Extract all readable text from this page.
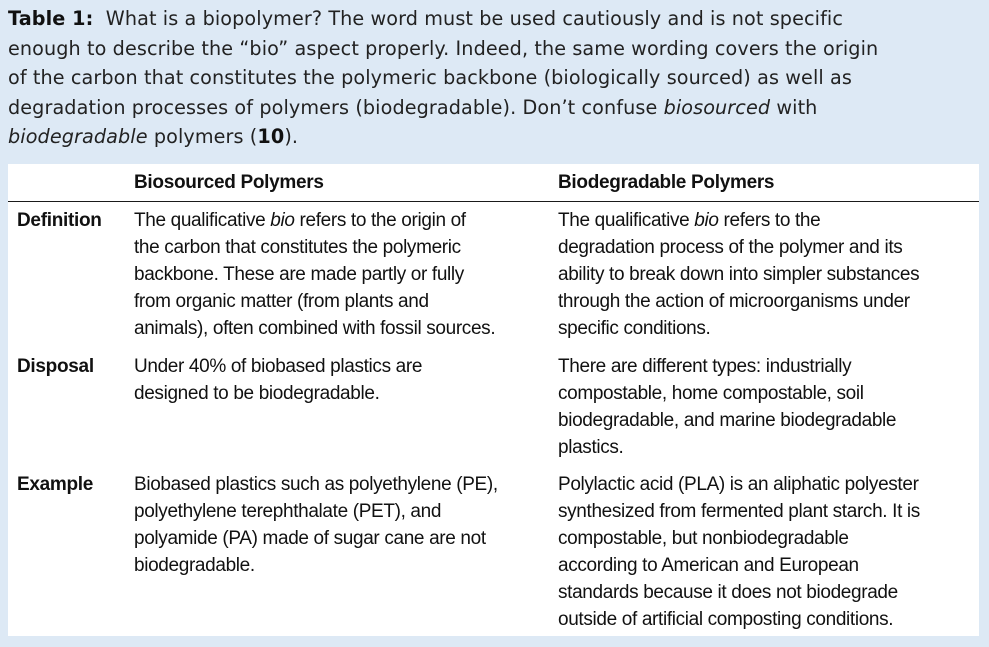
Table 1: What is a biopolymer? The word must be used cautiously and is not specific
enough to describe the “bio” aspect properly. Indeed, the same wording covers the origin
of the carbon that constitutes the polymeric backbone (biologically sourced) as well as
degradation processes of polymers (biodegradable). Don’t confuse biosourced with
biodegradable polymers (10).
Biosourced Polymers	Biodegradable Polymers
Definition The qualificative bio refers to the origin of
the carbon that constitutes the polymeric
backbone. These are made partly or fully
from organic matter (from plants and
animals), often combined with fossil sources.
The qualificative bio refers to the
degradation process of the polymer and its
ability to break down into simpler substances
through the action of microorganisms under
specific conditions.
Disposal Under 40% of biobased plastics are
designed to be biodegradable.
There are different types: industrially
compostable, home compostable, soil
biodegradable, and marine biodegradable
plastics.
Example Biobased plastics such as polyethylene (PE),
polyethylene terephthalate (PET), and
polyamide (PA) made of sugar cane are not
biodegradable.
Polylactic acid (PLA) is an aliphatic polyester
synthesized from fermented plant starch. It is
compostable, but nonbiodegradable
according to American and European
standards because it does not biodegrade
outside of artificial composting conditions.
